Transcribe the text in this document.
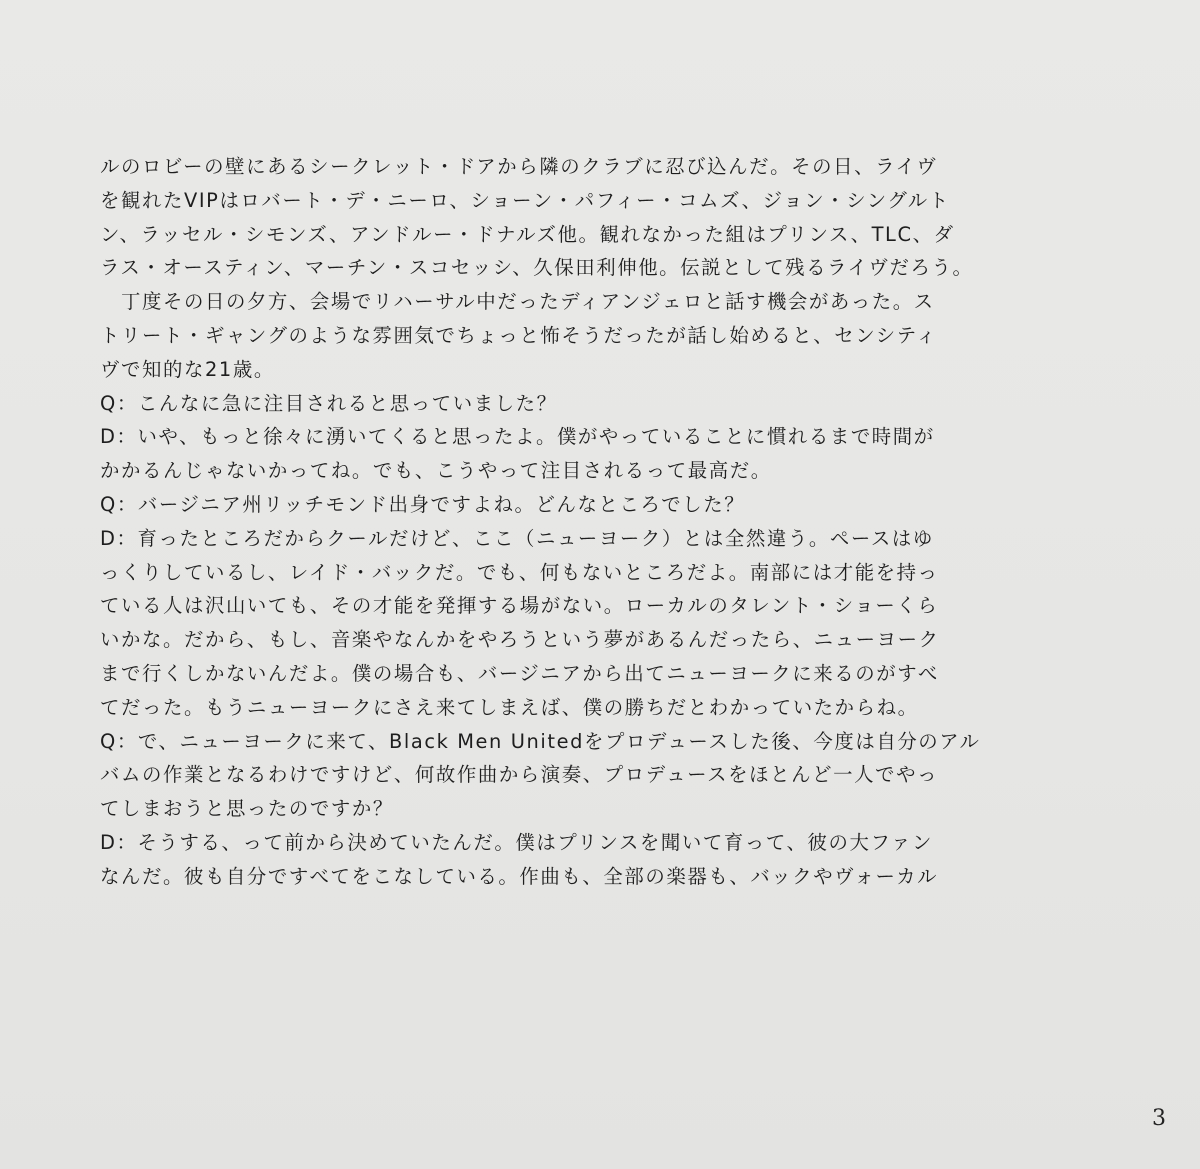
ルのロビーの壁にあるシークレット・ドアから隣のクラブに忍び込んだ。その日、ライヴ
を観れたVIPはロバート・デ・ニーロ、ショーン・パフィー・コムズ、ジョン・シングルト
ン、ラッセル・シモンズ、アンドルー・ドナルズ他。観れなかった組はプリンス、TLC、ダ
ラス・オースティン、マーチン・スコセッシ、久保田利伸他。伝説として残るライヴだろう。
　丁度その日の夕方、会場でリハーサル中だったディアンジェロと話す機会があった。ス
トリート・ギャングのような雰囲気でちょっと怖そうだったが話し始めると、センシティ
ヴで知的な21歳。
Q：こんなに急に注目されると思っていました？
D：いや、もっと徐々に湧いてくると思ったよ。僕がやっていることに慣れるまで時間が
かかるんじゃないかってね。でも、こうやって注目されるって最高だ。
Q：バージニア州リッチモンド出身ですよね。どんなところでした？
D：育ったところだからクールだけど、ここ（ニューヨーク）とは全然違う。ペースはゆ
っくりしているし、レイド・バックだ。でも、何もないところだよ。南部には才能を持っ
ている人は沢山いても、その才能を発揮する場がない。ローカルのタレント・ショーくら
いかな。だから、もし、音楽やなんかをやろうという夢があるんだったら、ニューヨーク
まで行くしかないんだよ。僕の場合も、バージニアから出てニューヨークに来るのがすべ
てだった。もうニューヨークにさえ来てしまえば、僕の勝ちだとわかっていたからね。
Q：で、ニューヨークに来て、Black Men Unitedをプロデュースした後、今度は自分のアル
バムの作業となるわけですけど、何故作曲から演奏、プロデュースをほとんど一人でやっ
てしまおうと思ったのですか？
D：そうする、って前から決めていたんだ。僕はプリンスを聞いて育って、彼の大ファン
なんだ。彼も自分ですべてをこなしている。作曲も、全部の楽器も、バックやヴォーカル
3
